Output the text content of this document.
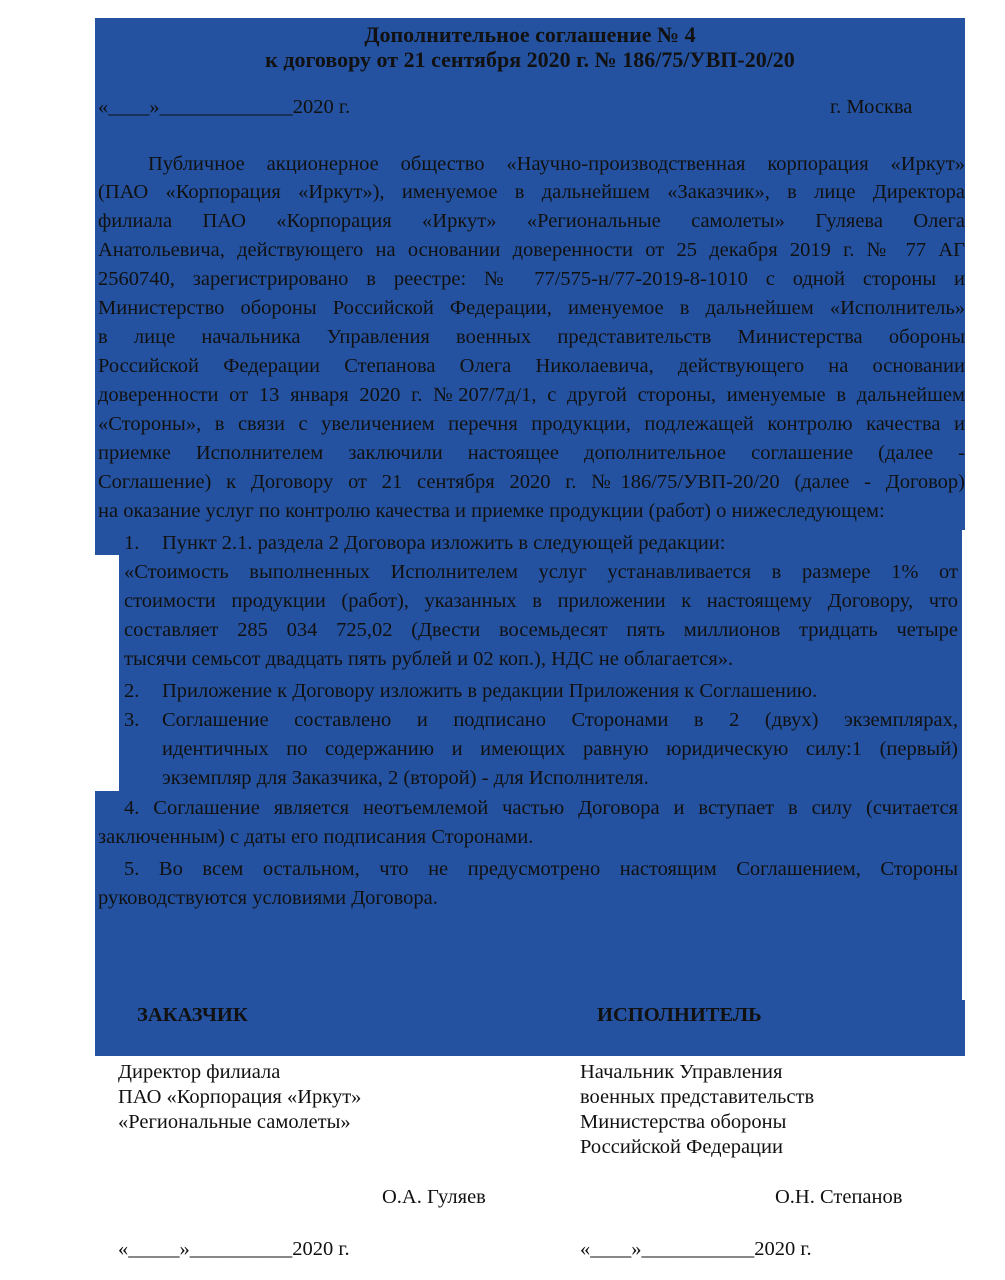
Дополнительное соглашение № 4
к договору от 21 сентября 2020 г. № 186/75/УВП-20/20
«____»_____________2020 г.	г. Москва
Публичное акционерное общество «Научно-производственная корпорация «Иркут»
(ПАО «Корпорация «Иркут»), именуемое в дальнейшем «Заказчик», в лице Директора
филиала ПАО «Корпорация «Иркут» «Региональные самолеты» Гуляева Олега
Анатольевича, действующего на основании доверенности от 25 декабря 2019 г. № 77 АГ
2560740, зарегистрировано в реестре: № 77/575-н/77-2019-8-1010 с одной стороны и
Министерство обороны Российской Федерации, именуемое в дальнейшем «Исполнитель»
в лице начальника Управления военных представительств Министерства обороны
Российской Федерации Степанова Олега Николаевича, действующего на основании
доверенности от 13 января 2020 г. №207/7д/1, с другой стороны, именуемые в дальнейшем
«Стороны», в связи с увеличением перечня продукции, подлежащей контролю качества и
приемке Исполнителем заключили настоящее дополнительное соглашение (далее -
Соглашение) к Договору от 21 сентября 2020 г. №186/75/УВП-20/20 (далее - Договор)
на оказание услуг по контролю качества и приемке продукции (работ) о нижеследующем:
1. Пункт 2.1. раздела 2 Договора изложить в следующей редакции:
«Стоимость выполненных Исполнителем услуг устанавливается в размере 1% от
стоимости продукции (работ), указанных в приложении к настоящему Договору, что
составляет 285 034 725,02 (Двести восемьдесят пять миллионов тридцать четыре
тысячи семьсот двадцать пять рублей и 02 коп.), НДС не облагается».
2. Приложение к Договору изложить в редакции Приложения к Соглашению.
3. Соглашение составлено и подписано Сторонами в 2 (двух) экземплярах,
идентичных по содержанию и имеющих равную юридическую силу:1 (первый)
экземпляр для Заказчика, 2 (второй) - для Исполнителя.
4. Соглашение является неотъемлемой частью Договора и вступает в силу (считается
заключенным) с даты его подписания Сторонами.
5. Во всем остальном, что не предусмотрено настоящим Соглашением, Стороны
руководствуются условиями Договора.
ЗАКАЗЧИК	ИСПОЛНИТЕЛЬ
Директор филиала
ПАО «Корпорация «Иркут»
«Региональные самолеты»
О.А. Гуляев
«_____»__________2020 г.
Начальник Управления
военных представительств
Министерства обороны
Российской Федерации
О.Н. Степанов
«____»___________2020 г.
